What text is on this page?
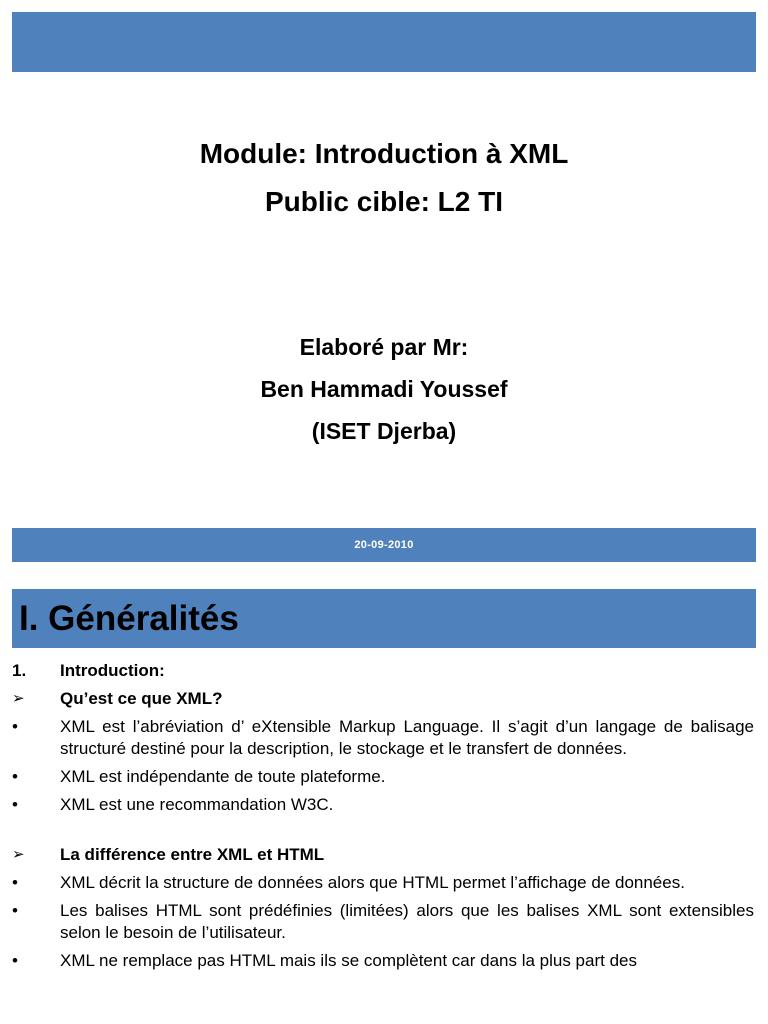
Module: Introduction à XML
Public cible: L2 TI
Elaboré par Mr:
Ben Hammadi Youssef
(ISET Djerba)
20-09-2010
I. Généralités
1.	Introduction:
➢	Qu’est ce que XML?
•	XML est l’abréviation d’ eXtensible Markup Language. Il s’agit d’un langage de balisage structuré destiné pour la description, le stockage et le transfert de données.
•	XML est indépendante de toute plateforme.
•	XML est une recommandation W3C.
➢	La différence entre XML et HTML
•	XML décrit la structure de données alors que HTML permet l’affichage de données.
•	Les balises HTML sont prédéfinies (limitées) alors que les balises XML sont extensibles selon le besoin de l’utilisateur.
•	XML ne remplace pas HTML mais ils se complètent car dans la plus part des
